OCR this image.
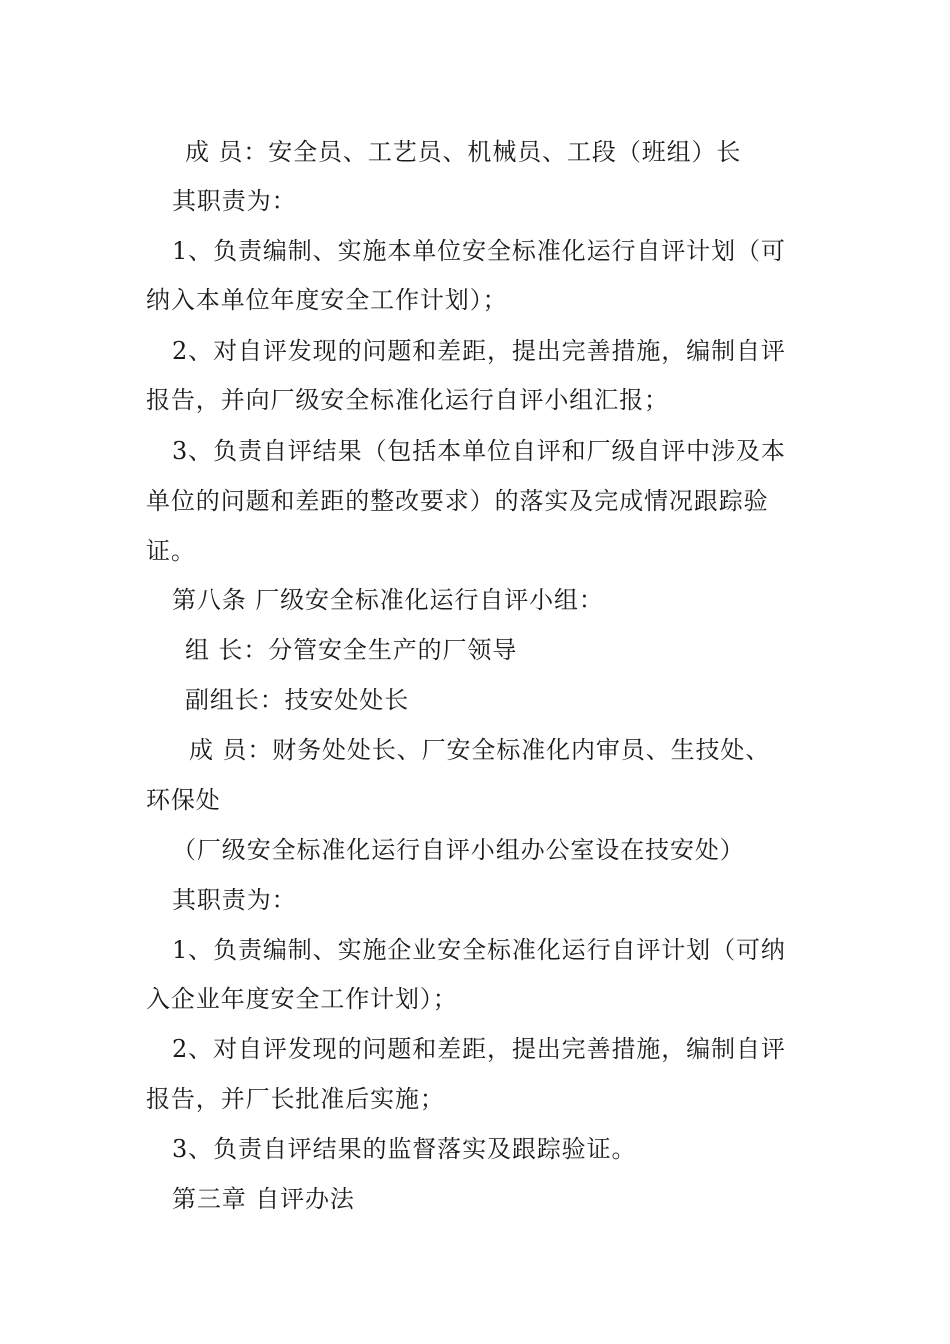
成 员：安全员、工艺员、机械员、工段（班组）长
其职责为：
1、负责编制、实施本单位安全标准化运行自评计划（可
纳入本单位年度安全工作计划）；
2、对自评发现的问题和差距，提出完善措施，编制自评
报告，并向厂级安全标准化运行自评小组汇报；
3、负责自评结果（包括本单位自评和厂级自评中涉及本
单位的问题和差距的整改要求）的落实及完成情况跟踪验
证。
第八条 厂级安全标准化运行自评小组：
组 长：分管安全生产的厂领导
副组长：技安处处长
成 员：财务处处长、厂安全标准化内审员、生技处、
环保处
（厂级安全标准化运行自评小组办公室设在技安处）
其职责为：
1、负责编制、实施企业安全标准化运行自评计划（可纳
入企业年度安全工作计划）；
2、对自评发现的问题和差距，提出完善措施，编制自评
报告，并厂长批准后实施；
3、负责自评结果的监督落实及跟踪验证。
第三章 自评办法
